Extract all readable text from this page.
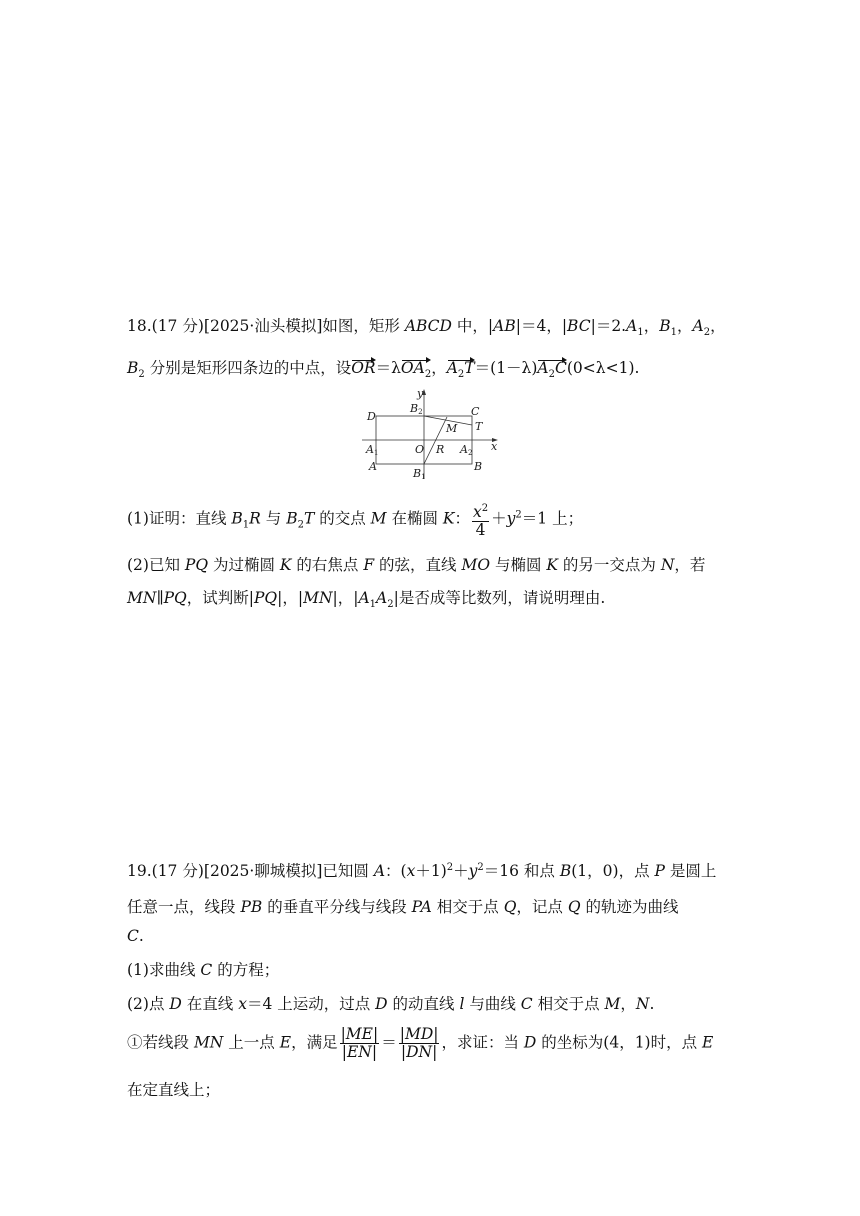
18.(17 分)[2025·汕头模拟]如图，矩形 ABCD 中，|AB|＝4，$|BC|=2.A_1$，$B_1$，$A_2$，
$B_2$ 分别是矩形四条边的中点，设OR＝λOA$_2$，$A_2T=(1-\lambda)A_2C(0<\lambda<1)$.
y
x
D	C
B2
M T
A1	O R A2
A	B
B1
(1)证明：直线 $B_1R$ 与 $B_2T$ 的交点 M 在椭圆 K： $\frac{x^2}{4} +y^2=1$ 上；
(2)已知 PQ 为过椭圆 K 的右焦点 F 的弦，直线 MO 与椭圆 K 的另一交点为 N，若
MN∥PQ，试判断|PQ|，|MN|，$|A_1A_2|$是否成等比数列，请说明理由.
19.(17 分)[2025·聊城模拟]已知圆 A：$(x+1)^2+y^2=16$ 和点 B(1，0)，点 P 是圆上
任意一点，线段 PB 的垂直平分线与线段 PA 相交于点 Q，记点 Q 的轨迹为曲线
C.
(1)求曲线 C 的方程；
(2)点 D 在直线 x＝4 上运动，过点 D 的动直线 l 与曲线 C 相交于点 M，N.
①若线段 MN 上一点 E，满足 $\frac{|ME|}{|EN|} = \frac{|MD|}{|DN|}$ ，求证：当 D 的坐标为(4，1)时，点 E
在定直线上；
